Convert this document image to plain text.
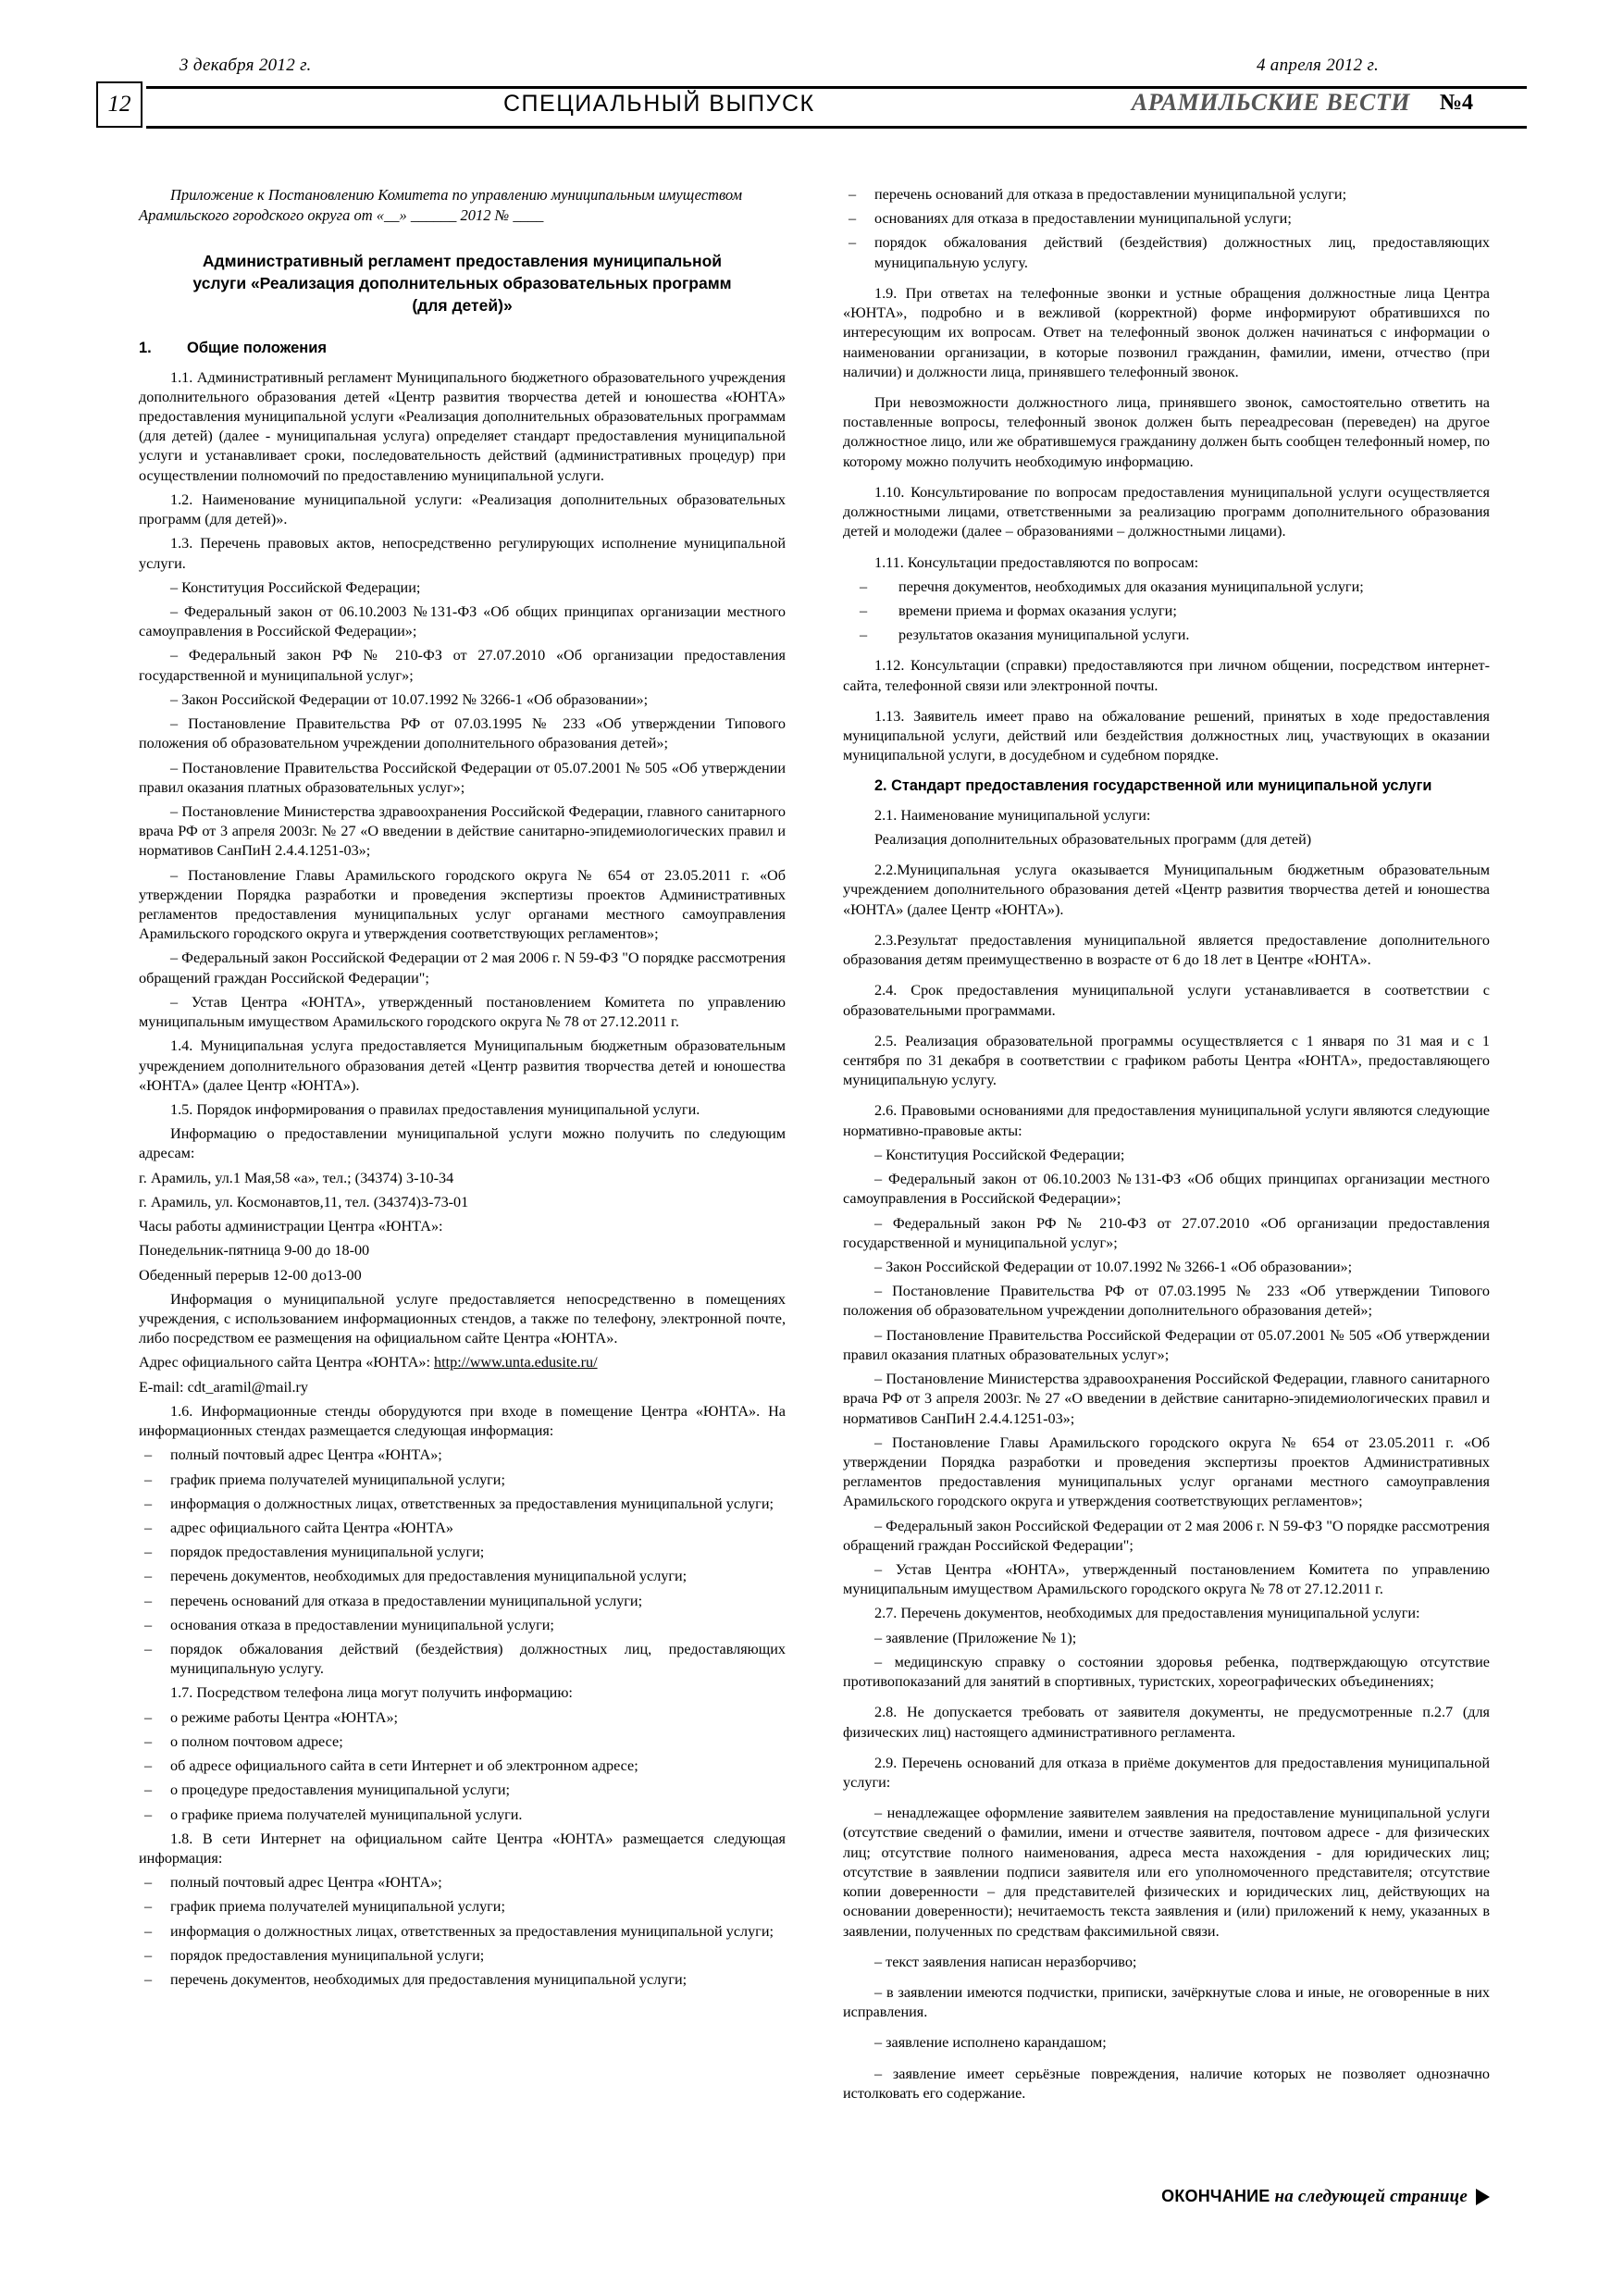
3 декабря 2012 г.	4 апреля 2012 г.
12	СПЕЦИАЛЬНЫЙ ВЫПУСК	АРАМИЛЬСКИЕ ВЕСТИ	№4

Приложение к Постановлению Комитета по управлению муниципальным имуществом Арамильского городского округа от «__» ______ 2012 № ____

Административный регламент предоставления муниципальной услуги «Реализация дополнительных образовательных программ (для детей)»

1. Общие положения

1.1. Административный регламент Муниципального бюджетного образовательного учреждения дополнительного образования детей «Центр развития творчества детей и юношества «ЮНТА» предоставления муниципальной услуги «Реализация дополнительных образовательных программам (для детей) (далее - муниципальная услуга) определяет стандарт предоставления муниципальной услуги и устанавливает сроки, последовательность действий (административных процедур) при осуществлении полномочий по предоставлению муниципальной услуги.

1.2. Наименование муниципальной услуги: «Реализация дополнительных образовательных программ (для детей)».

1.3. Перечень правовых актов, непосредственно регулирующих исполнение муниципальной услуги.

– Конституция Российской Федерации;

– Федеральный закон от 06.10.2003 №131-ФЗ «Об общих принципах организации местного самоуправления в Российской Федерации»;

– Федеральный закон РФ № 210-ФЗ от 27.07.2010 «Об организации предоставления государственной и муниципальной услуг»;

– Закон Российской Федерации от 10.07.1992 № 3266-1 «Об образовании»;

– Постановление Правительства РФ от 07.03.1995 № 233 «Об утверждении Типового положения об образовательном учреждении дополнительного образования детей»;

– Постановление Правительства Российской Федерации от 05.07.2001 № 505 «Об утверждении правил оказания платных образовательных услуг»;

– Постановление Министерства здравоохранения Российской Федерации, главного санитарного врача РФ от 3 апреля 2003г. № 27 «О введении в действие санитарно-эпидемиологических правил и нормативов СанПиН 2.4.4.1251-03»;

– Постановление Главы Арамильского городского округа № 654 от 23.05.2011 г. «Об утверждении Порядка разработки и проведения экспертизы проектов Административных регламентов предоставления муниципальных услуг органами местного самоуправления Арамильского городского округа и утверждения соответствующих регламентов»;

– Федеральный закон Российской Федерации от 2 мая 2006 г. N 59-ФЗ "О порядке рассмотрения обращений граждан Российской Федерации";

– Устав Центра «ЮНТА», утвержденный постановлением Комитета по управлению муниципальным имуществом Арамильского городского округа № 78 от 27.12.2011 г.

1.4. Муниципальная услуга предоставляется Муниципальным бюджетным образовательным учреждением дополнительного образования детей «Центр развития творчества детей и юношества «ЮНТА» (далее Центр «ЮНТА»).

1.5. Порядок информирования о правилах предоставления муниципальной услуги.

Информацию о предоставлении муниципальной услуги можно получить по следующим адресам:

г. Арамиль, ул.1 Мая,58 «а», тел.; (34374) 3-10-34

г. Арамиль, ул. Космонавтов,11, тел. (34374)3-73-01

Часы работы администрации Центра «ЮНТА»:

Понедельник-пятница 9-00 до 18-00

Обеденный перерыв 12-00 до13-00

Информация о муниципальной услуге предоставляется непосредственно в помещениях учреждения, с использованием информационных стендов, а также по телефону, электронной почте, либо посредством ее размещения на официальном сайте Центра «ЮНТА».

Адрес официального сайта Центра «ЮНТА»: http://www.unta.edusite.ru/

E-mail: cdt_aramil@mail.ry

1.6. Информационные стенды оборудуются при входе в помещение Центра «ЮНТА». На информационных стендах размещается следующая информация:

–	полный почтовый адрес Центра «ЮНТА»;
–	график приема получателей муниципальной услуги;
–	информация о должностных лицах, ответственных за предоставления муниципальной услуги;
–	адрес официального сайта Центра «ЮНТА»
–	порядок предоставления муниципальной услуги;
–	перечень документов, необходимых для предоставления муниципальной услуги;
–	перечень оснований для отказа в предоставлении муниципальной услуги;
–	основания отказа в предоставлении муниципальной услуги;
–	порядок обжалования действий (бездействия) должностных лиц, предоставляющих муниципальную услугу.

1.7. Посредством телефона лица могут получить информацию:

–	о режиме работы Центра «ЮНТА»;
–	о полном почтовом адресе;
–	об адресе официального сайта в сети Интернет и об электронном адресе;
–	о процедуре предоставления муниципальной услуги;
–	о графике приема получателей муниципальной услуги.

1.8. В сети Интернет на официальном сайте Центра «ЮНТА» размещается следующая информация:

–	полный почтовый адрес Центра «ЮНТА»;
–	график приема получателей муниципальной услуги;
–	информация о должностных лицах, ответственных за предоставления муниципальной услуги;
–	порядок предоставления муниципальной услуги;
–	перечень документов, необходимых для предоставления муниципальной услуги;
–	перечень оснований для отказа в предоставлении муниципальной услуги;
–	основаниях для отказа в предоставлении муниципальной услуги;
–	порядок обжалования действий (бездействия) должностных лиц, предоставляющих муниципальную услугу.

1.9. При ответах на телефонные звонки и устные обращения должностные лица Центра «ЮНТА», подробно и в вежливой (корректной) форме информируют обратившихся по интересующим их вопросам. Ответ на телефонный звонок должен начинаться с информации о наименовании организации, в которые позвонил гражданин, фамилии, имени, отчество (при наличии) и должности лица, принявшего телефонный звонок.

При невозможности должностного лица, принявшего звонок, самостоятельно ответить на поставленные вопросы, телефонный звонок должен быть переадресован (переведен) на другое должностное лицо, или же обратившемуся гражданину должен быть сообщен телефонный номер, по которому можно получить необходимую информацию.

1.10. Консультирование по вопросам предоставления муниципальной услуги осуществляется должностными лицами, ответственными за реализацию программ дополнительного образования детей и молодежи (далее – образованиями – должностными лицами).

1.11. Консультации предоставляются по вопросам:

–	перечня документов, необходимых для оказания муниципальной услуги;
–	времени приема и формах оказания услуги;
–	результатов оказания муниципальной услуги.

1.12. Консультации (справки) предоставляются при личном общении, посредством интернет-сайта, телефонной связи или электронной почты.

1.13. Заявитель имеет право на обжалование решений, принятых в ходе предоставления муниципальной услуги, действий или бездействия должностных лиц, участвующих в оказании муниципальной услуги, в досудебном и судебном порядке.

2. Стандарт предоставления государственной или муниципальной услуги

2.1. Наименование муниципальной услуги:

Реализация дополнительных образовательных программ (для детей)

2.2.Муниципальная услуга оказывается Муниципальным бюджетным образовательным учреждением дополнительного образования детей «Центр развития творчества детей и юношества «ЮНТА» (далее Центр «ЮНТА»).

2.3.Результат предоставления муниципальной является предоставление дополнительного образования детям преимущественно в возрасте от 6 до 18 лет в Центре «ЮНТА».

2.4. Срок предоставления муниципальной услуги устанавливается в соответствии с образовательными программами.

2.5. Реализация образовательной программы осуществляется с 1 января по 31 мая и с 1 сентября по 31 декабря в соответствии с графиком работы Центра «ЮНТА», предоставляющего муниципальную услугу.

2.6. Правовыми основаниями для предоставления муниципальной услуги являются следующие нормативно-правовые акты:

– Конституция Российской Федерации;

– Федеральный закон от 06.10.2003 №131-ФЗ «Об общих принципах организации местного самоуправления в Российской Федерации»;

– Федеральный закон РФ № 210-ФЗ от 27.07.2010 «Об организации предоставления государственной и муниципальной услуг»;

– Закон Российской Федерации от 10.07.1992 № 3266-1 «Об образовании»;

– Постановление Правительства РФ от 07.03.1995 № 233 «Об утверждении Типового положения об образовательном учреждении дополнительного образования детей»;

– Постановление Правительства Российской Федерации от 05.07.2001 № 505 «Об утверждении правил оказания платных образовательных услуг»;

– Постановление Министерства здравоохранения Российской Федерации, главного санитарного врача РФ от 3 апреля 2003г. № 27 «О введении в действие санитарно-эпидемиологических правил и нормативов СанПиН 2.4.4.1251-03»;

– Постановление Главы Арамильского городского округа № 654 от 23.05.2011 г. «Об утверждении Порядка разработки и проведения экспертизы проектов Административных регламентов предоставления муниципальных услуг органами местного самоуправления Арамильского городского округа и утверждения соответствующих регламентов»;

– Федеральный закон Российской Федерации от 2 мая 2006 г. N 59-ФЗ "О порядке рассмотрения обращений граждан Российской Федерации";

– Устав Центра «ЮНТА», утвержденный постановлением Комитета по управлению муниципальным имуществом Арамильского городского округа № 78 от 27.12.2011 г.

2.7. Перечень документов, необходимых для предоставления муниципальной услуги:

– заявление (Приложение № 1);

– медицинскую справку о состоянии здоровья ребенка, подтверждающую отсутствие противопоказаний для занятий в спортивных, туристских, хореографических объединениях;

2.8. Не допускается требовать от заявителя документы, не предусмотренные п.2.7 (для физических лиц) настоящего административного регламента.

2.9. Перечень оснований для отказа в приёме документов для предоставления муниципальной услуги:

– ненадлежащее оформление заявителем заявления на предоставление муниципальной услуги (отсутствие сведений о фамилии, имени и отчестве заявителя, почтовом адресе - для физических лиц; отсутствие полного наименования, адреса места нахождения - для юридических лиц; отсутствие в заявлении подписи заявителя или его уполномоченного представителя; отсутствие копии доверенности – для представителей физических и юридических лиц, действующих на основании доверенности); нечитаемость текста заявления и (или) приложений к нему, указанных в заявлении, полученных по средствам факсимильной связи.

– текст заявления написан неразборчиво;

– в заявлении имеются подчистки, приписки, зачёркнутые слова и иные, не оговоренные в них исправления.

– заявление исполнено карандашом;

– заявление имеет серьёзные повреждения, наличие которых не позволяет однозначно истолковать его содержание.

ОКОНЧАНИЕ на следующей странице
